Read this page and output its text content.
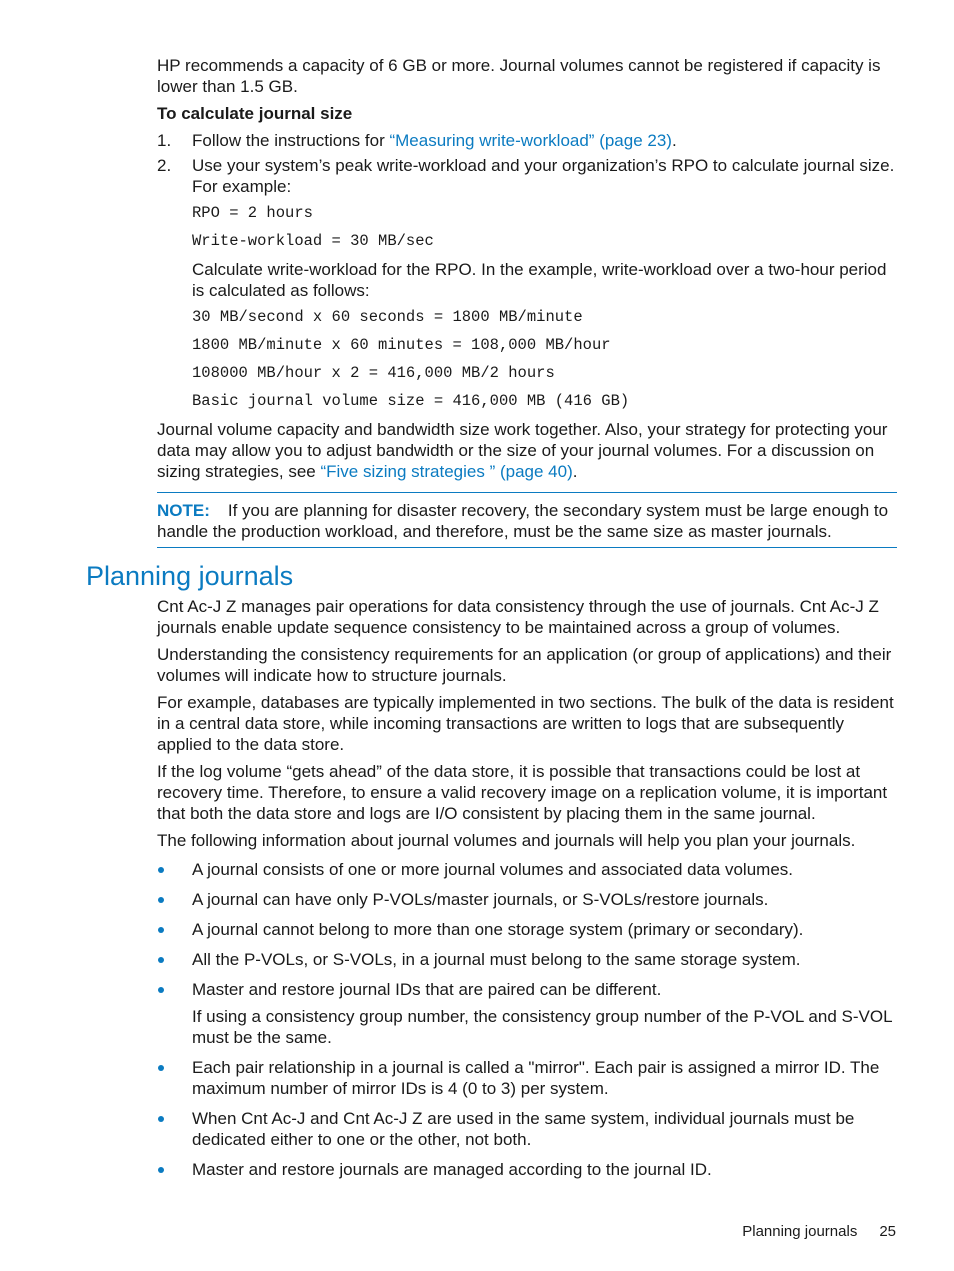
HP recommends a capacity of 6 GB or more. Journal volumes cannot be registered if capacity is lower than 1.5 GB.

To calculate journal size

1. Follow the instructions for “Measuring write-workload” (page 23).
2. Use your system’s peak write-workload and your organization’s RPO to calculate journal size. For example:
RPO = 2 hours
Write-workload = 30 MB/sec

Calculate write-workload for the RPO. In the example, write-workload over a two-hour period is calculated as follows:

30 MB/second x 60 seconds = 1800 MB/minute
1800 MB/minute x 60 minutes = 108,000 MB/hour
108000 MB/hour x 2 = 416,000 MB/2 hours
Basic journal volume size = 416,000 MB (416 GB)

Journal volume capacity and bandwidth size work together. Also, your strategy for protecting your data may allow you to adjust bandwidth or the size of your journal volumes. For a discussion on sizing strategies, see “Five sizing strategies ” (page 40).

NOTE: If you are planning for disaster recovery, the secondary system must be large enough to handle the production workload, and therefore, must be the same size as master journals.
Planning journals

Cnt Ac-J Z manages pair operations for data consistency through the use of journals. Cnt Ac-J Z journals enable update sequence consistency to be maintained across a group of volumes.

Understanding the consistency requirements for an application (or group of applications) and their volumes will indicate how to structure journals.

For example, databases are typically implemented in two sections. The bulk of the data is resident in a central data store, while incoming transactions are written to logs that are subsequently applied to the data store.

If the log volume “gets ahead” of the data store, it is possible that transactions could be lost at recovery time. Therefore, to ensure a valid recovery image on a replication volume, it is important that both the data store and logs are I/O consistent by placing them in the same journal.

The following information about journal volumes and journals will help you plan your journals.

A journal consists of one or more journal volumes and associated data volumes.
A journal can have only P-VOLs/master journals, or S-VOLs/restore journals.
A journal cannot belong to more than one storage system (primary or secondary).
All the P-VOLs, or S-VOLs, in a journal must belong to the same storage system.
Master and restore journal IDs that are paired can be different.
If using a consistency group number, the consistency group number of the P-VOL and S-VOL must be the same.
Each pair relationship in a journal is called a "mirror". Each pair is assigned a mirror ID. The maximum number of mirror IDs is 4 (0 to 3) per system.
When Cnt Ac-J and Cnt Ac-J Z are used in the same system, individual journals must be dedicated either to one or the other, not both.
Master and restore journals are managed according to the journal ID.
Planning journals 25
